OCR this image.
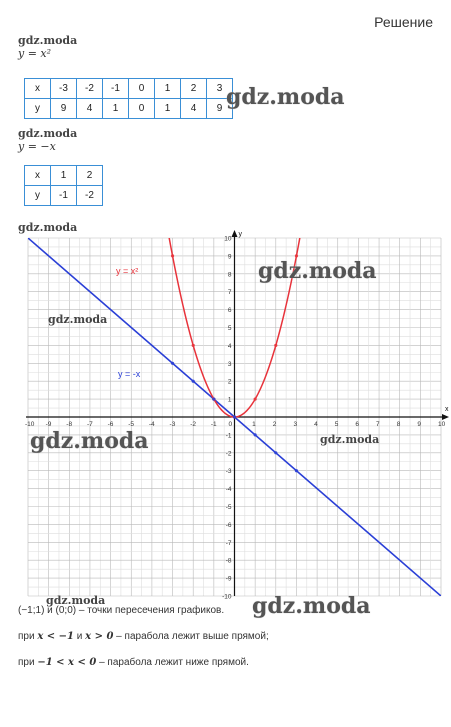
Решение
gdz.moda
y = x²
x	-3	-2	-1	0	1	2	3
y	9	4	1	0	1	4	9 gdz.moda
gdz.moda
y = −x
x	1	2
y	-1	-2
gdz.moda
x
y
-10 -9 -8 -7 -6 -5 -4 -3 -2 -1 0	1	2	3	4	5	6	7	8	9	10
10
9
8
7
6
5
4
3
2
1
-1
-2
-3
-4
-5
-6
-7
-8
-9
-10
y = x²
y = -x
gdz.moda
gdz.moda
gdz.moda	gdz.moda
gdz.moda	gdz.moda
(−1;1) и (0;0) – точки пересечения графиков.
при x < −1 и x > 0 – парабола лежит выше прямой;
при −1 < x < 0 – парабола лежит ниже прямой.
